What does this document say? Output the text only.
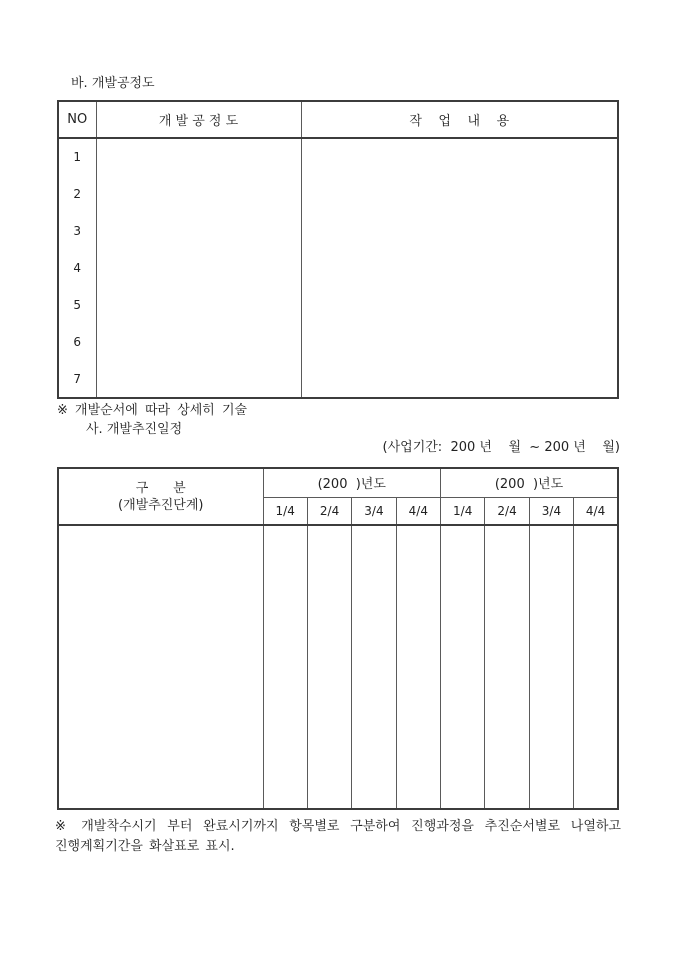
바. 개발공정도
NO	개 발 공 정 도	작    업    내    용

1
2
3
4
5
6
7

※ 개발순서에 따라 상세히 기술
사. 개발추진일정
(사업기간:  200 년    월  ~ 200 년    월)
구      분
(개발추진단계)	(200  )년도				(200  )년도			
	1/4	2/4	3/4	4/4	1/4	2/4	3/4	4/4

※ 개발착수시기 부터 완료시기까지 항목별로 구분하여 진행과정을 추진순서별로 나열하고 진행계획기간을 화살표로 표시.
